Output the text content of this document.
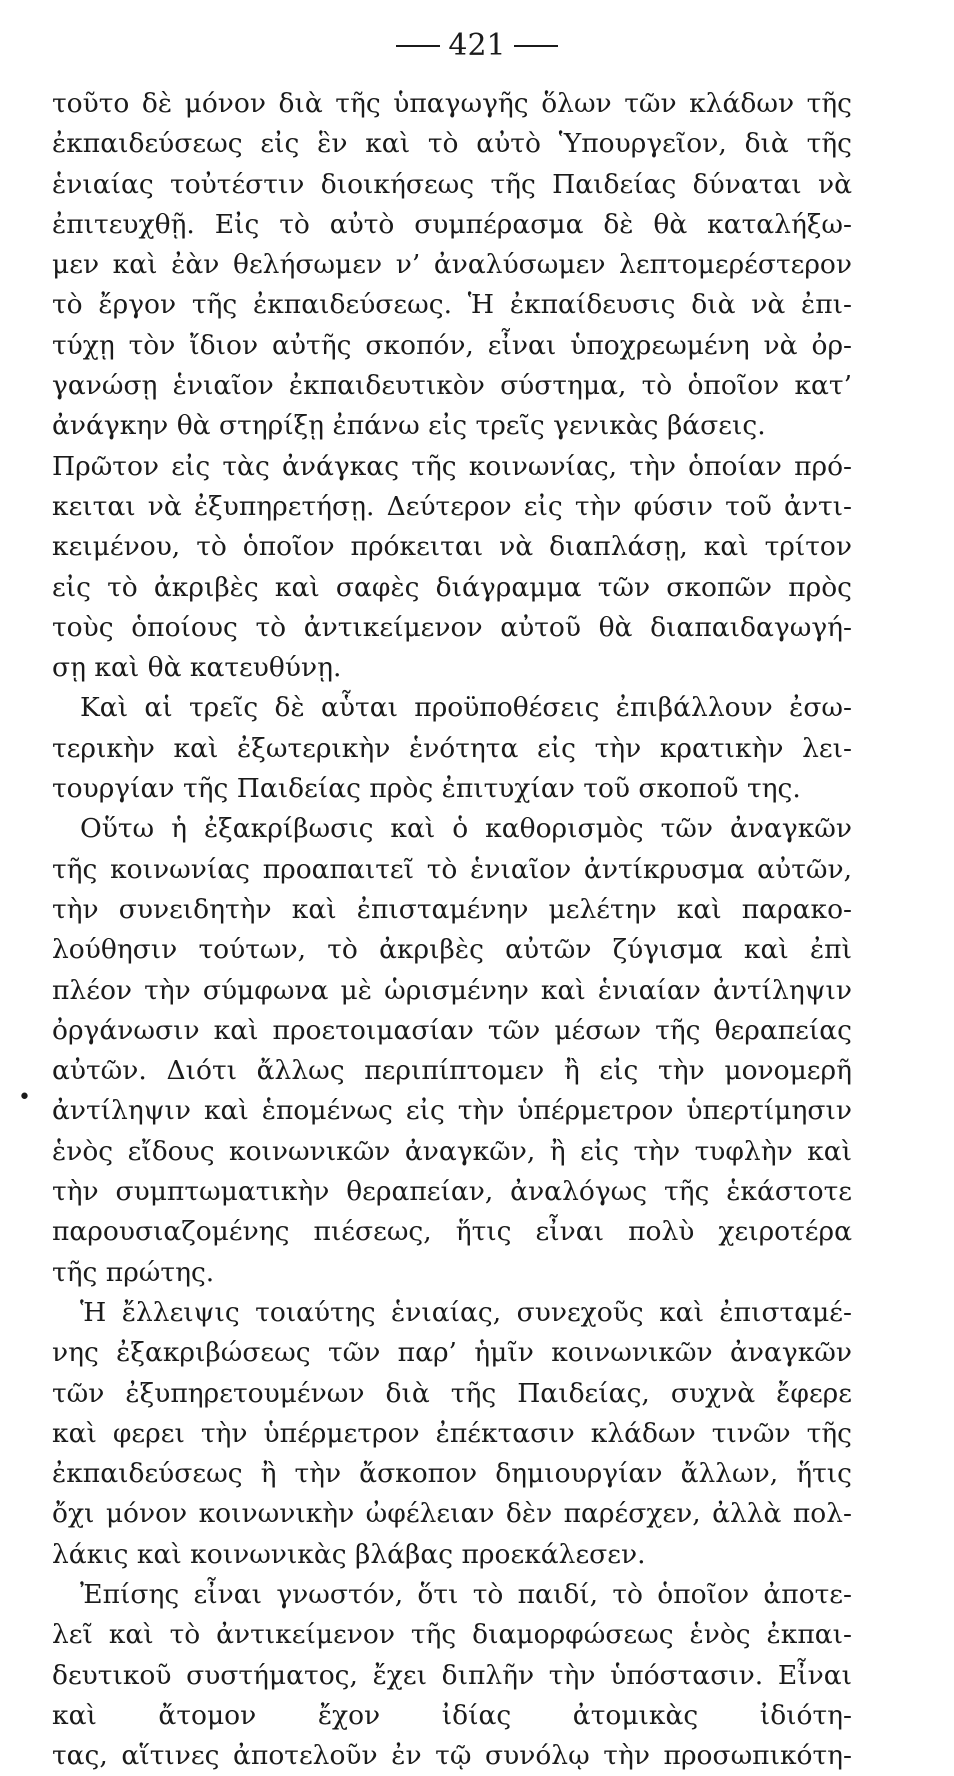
421
•
τοῦτο δὲ μόνον διὰ τῆς ὑπαγωγῆς ὅλων τῶν κλάδων τῆς
ἐκπαιδεύσεως εἰς ἓν καὶ τὸ αὐτὸ Ὑπουργεῖον, διὰ τῆς
ἑνιαίας τοὐτέστιν διοικήσεως τῆς Παιδείας δύναται νὰ
ἐπιτευχθῇ. Εἰς τὸ αὐτὸ συμπέρασμα δὲ θὰ καταλήξω-
μεν καὶ ἐὰν θελήσωμεν ν’ ἀναλύσωμεν λεπτομερέστερον
τὸ ἔργον τῆς ἐκπαιδεύσεως. Ἡ ἐκπαίδευσις διὰ νὰ ἐπι-
τύχῃ τὸν ἴδιον αὐτῆς σκοπόν, εἶναι ὑποχρεωμένη νὰ ὀρ-
γανώσῃ ἑνιαῖον ἐκπαιδευτικὸν σύστημα, τὸ ὁποῖον κατ’
ἀνάγκην θὰ στηρίξῃ ἐπάνω εἰς τρεῖς γενικὰς βάσεις.
Πρῶτον εἰς τὰς ἀνάγκας τῆς κοινωνίας, τὴν ὁποίαν πρό-
κειται νὰ ἐξυπηρετήσῃ. Δεύτερον εἰς τὴν φύσιν τοῦ ἀντι-
κειμένου, τὸ ὁποῖον πρόκειται νὰ διαπλάσῃ, καὶ τρίτον
εἰς τὸ ἀκριβὲς καὶ σαφὲς διάγραμμα τῶν σκοπῶν πρὸς
τοὺς ὁποίους τὸ ἀντικείμενον αὐτοῦ θὰ διαπαιδαγωγή-
σῃ καὶ θὰ κατευθύνῃ.
Καὶ αἱ τρεῖς δὲ αὗται προϋποθέσεις ἐπιβάλλουν ἐσω-
τερικὴν καὶ ἐξωτερικὴν ἑνότητα εἰς τὴν κρατικὴν λει-
τουργίαν τῆς Παιδείας πρὸς ἐπιτυχίαν τοῦ σκοποῦ της.
Οὕτω ἡ ἐξακρίβωσις καὶ ὁ καθορισμὸς τῶν ἀναγκῶν
τῆς κοινωνίας προαπαιτεῖ τὸ ἑνιαῖον ἀντίκρυσμα αὐτῶν,
τὴν συνειδητὴν καὶ ἐπισταμένην μελέτην καὶ παρακο-
λούθησιν τούτων, τὸ ἀκριβὲς αὐτῶν ζύγισμα καὶ ἐπὶ
πλέον τὴν σύμφωνα μὲ ὡρισμένην καὶ ἑνιαίαν ἀντίληψιν
ὀργάνωσιν καὶ προετοιμασίαν τῶν μέσων τῆς θεραπείας
αὐτῶν. Διότι ἄλλως περιπίπτομεν ἢ εἰς τὴν μονομερῆ
ἀντίληψιν καὶ ἑπομένως εἰς τὴν ὑπέρμετρον ὑπερτίμησιν
ἑνὸς εἴδους κοινωνικῶν ἀναγκῶν, ἢ εἰς τὴν τυφλὴν καὶ
τὴν συμπτωματικὴν θεραπείαν, ἀναλόγως τῆς ἑκάστοτε
παρουσιαζομένης πιέσεως, ἥτις εἶναι πολὺ χειροτέρα
τῆς πρώτης.
Ἡ ἔλλειψις τοιαύτης ἑνιαίας, συνεχοῦς καὶ ἐπισταμέ-
νης ἐξακριβώσεως τῶν παρ’ ἡμῖν κοινωνικῶν ἀναγκῶν
τῶν ἐξυπηρετουμένων διὰ τῆς Παιδείας, συχνὰ ἔφερε
καὶ φερει τὴν ὑπέρμετρον ἐπέκτασιν κλάδων τινῶν τῆς
ἐκπαιδεύσεως ἢ τὴν ἄσκοπον δημιουργίαν ἄλλων, ἥτις
ὄχι μόνον κοινωνικὴν ὠφέλειαν δὲν παρέσχεν, ἀλλὰ πολ-
λάκις καὶ κοινωνικὰς βλάβας προεκάλεσεν.
Ἐπίσης εἶναι γνωστόν, ὅτι τὸ παιδί, τὸ ὁποῖον ἀποτε-
λεῖ καὶ τὸ ἀντικείμενον τῆς διαμορφώσεως ἑνὸς ἐκπαι-
δευτικοῦ συστήματος, ἔχει διπλῆν τὴν ὑπόστασιν. Εἶναι
καὶ ἄτομον ἔχον ἰδίας ἀτομικὰς ἰδιότη-
τας, αἵτινες ἀποτελοῦν ἐν τῷ συνόλῳ τὴν προσωπικότη-
